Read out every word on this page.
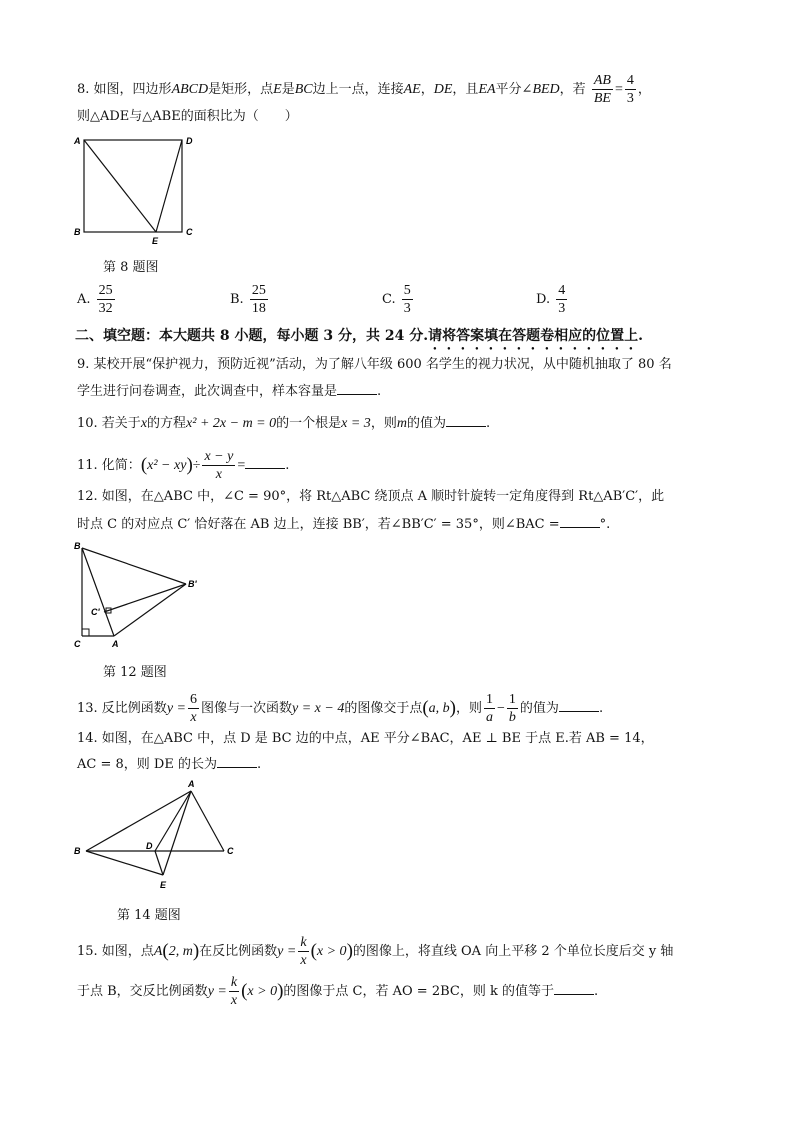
8. 如图，四边形ABCD是矩形，点E是BC边上一点，连接AE，DE，且EA平分∠BED，若 $\frac{AB}{BE} = \frac{4}{3}$ ，
则△ADE与△ABE的面积比为（　　）
A	D
B	C
E
第 8 题图
A. $\frac{25}{32}$	B. $\frac{25}{18}$	C. $\frac{5}{3}$	D. $\frac{4}{3}$
二、填空题：本大题共 8 小题，每小题 3 分，共 24 分.请将答案填在答题卷相应的位置上.
9. 某校开展“保护视力，预防近视”活动，为了解八年级 600 名学生的视力状况，从中随机抽取了 80 名
学生进行问卷调查，此次调查中，样本容量是	.
10. 若关于x的方程x² + 2x − m = 0的一个根是x = 3，则m的值为	.
11. 化简：$(x^2 - xy)\div \frac{x - y}{x}$ =	.
12. 如图，在△ABC 中，∠C = 90°，将 Rt△ABC 绕顶点 A 顺时针旋转一定角度得到 Rt△AB′C′，此
时点 C 的对应点 C′ 恰好落在 AB 边上，连接 BB′，若∠BB′C′ = 35°，则∠BAC =	°.
B
B'
C'
C	A
第 12 题图
13. 反比例函数$y = \frac{6}{x}$ 图像与一次函数y = x − 4的图像交于点(a, b)，则 $\frac{1}{a} - \frac{1}{b}$ 的值为	.
14. 如图，在△ABC 中，点 D 是 BC 边的中点，AE 平分∠BAC，AE ⊥ BE 于点 E.若 AB = 14，
AC = 8，则 DE 的长为	.
A
B	C
D
E
第 14 题图
15. 如图，点A(2, m)在反比例函数$y = \frac{k}{x} (x > 0)$的图像上，将直线 OA 向上平移 2 个单位长度后交 y 轴
于点 B，交反比例函数$y = \frac{k}{x} (x > 0)$的图像于点 C，若 AO = 2BC，则 k 的值等于	.
